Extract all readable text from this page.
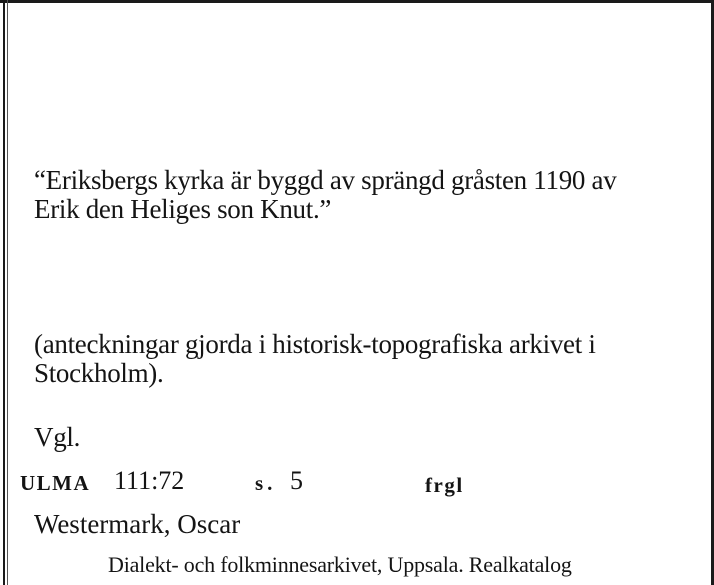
“Eriksbergs kyrka är byggd av sprängd gråsten 1190 av
Erik den Heliges son Knut.”
(anteckningar gjorda i historisk-topografiska arkivet i
Stockholm).
Vgl.
ULMA 111:72	s. 5	frgl
Westermark, Oscar
Dialekt- och folkminnesarkivet, Uppsala. Realkatalog
